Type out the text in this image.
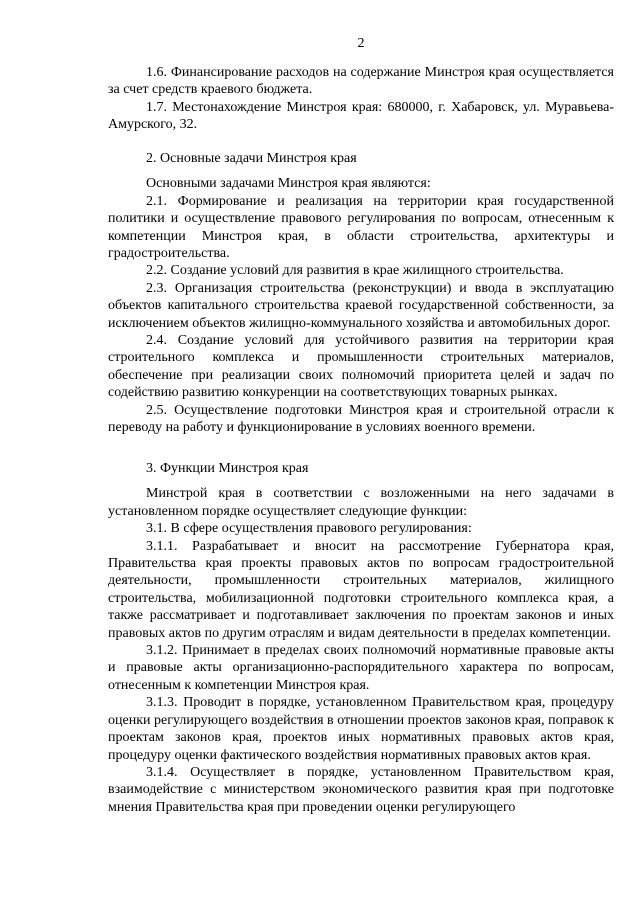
2

1.6. Финансирование расходов на содержание Минстроя края осуществляется за счет средств краевого бюджета.

1.7. Местонахождение Минстроя края: 680000, г. Хабаровск, ул. Муравьева-Амурского, 32.

2. Основные задачи Минстроя края

Основными задачами Минстроя края являются:

2.1. Формирование и реализация на территории края государственной политики и осуществление правового регулирования по вопросам, отнесенным к компетенции Минстроя края, в области строительства, архитектуры и градостроительства.

2.2. Создание условий для развития в крае жилищного строительства.

2.3. Организация строительства (реконструкции) и ввода в эксплуатацию объектов капитального строительства краевой государственной собственности, за исключением объектов жилищно-коммунального хозяйства и автомобильных дорог.

2.4. Создание условий для устойчивого развития на территории края строительного комплекса и промышленности строительных материалов, обеспечение при реализации своих полномочий приоритета целей и задач по содействию развитию конкуренции на соответствующих товарных рынках.

2.5. Осуществление подготовки Минстроя края и строительной отрасли к переводу на работу и функционирование в условиях военного времени.

3. Функции Минстроя края

Минстрой края в соответствии с возложенными на него задачами в установленном порядке осуществляет следующие функции:

3.1. В сфере осуществления правового регулирования:

3.1.1. Разрабатывает и вносит на рассмотрение Губернатора края, Правительства края проекты правовых актов по вопросам градостроительной деятельности, промышленности строительных материалов, жилищного строительства, мобилизационной подготовки строительного комплекса края, а также рассматривает и подготавливает заключения по проектам законов и иных правовых актов по другим отраслям и видам деятельности в пределах компетенции.

3.1.2. Принимает в пределах своих полномочий нормативные правовые акты и правовые акты организационно-распорядительного характера по вопросам, отнесенным к компетенции Минстроя края.

3.1.3. Проводит в порядке, установленном Правительством края, процедуру оценки регулирующего воздействия в отношении проектов законов края, поправок к проектам законов края, проектов иных нормативных правовых актов края, процедуру оценки фактического воздействия нормативных правовых актов края.

3.1.4. Осуществляет в порядке, установленном Правительством края, взаимодействие с министерством экономического развития края при подготовке мнения Правительства края при проведении оценки регулирующего
